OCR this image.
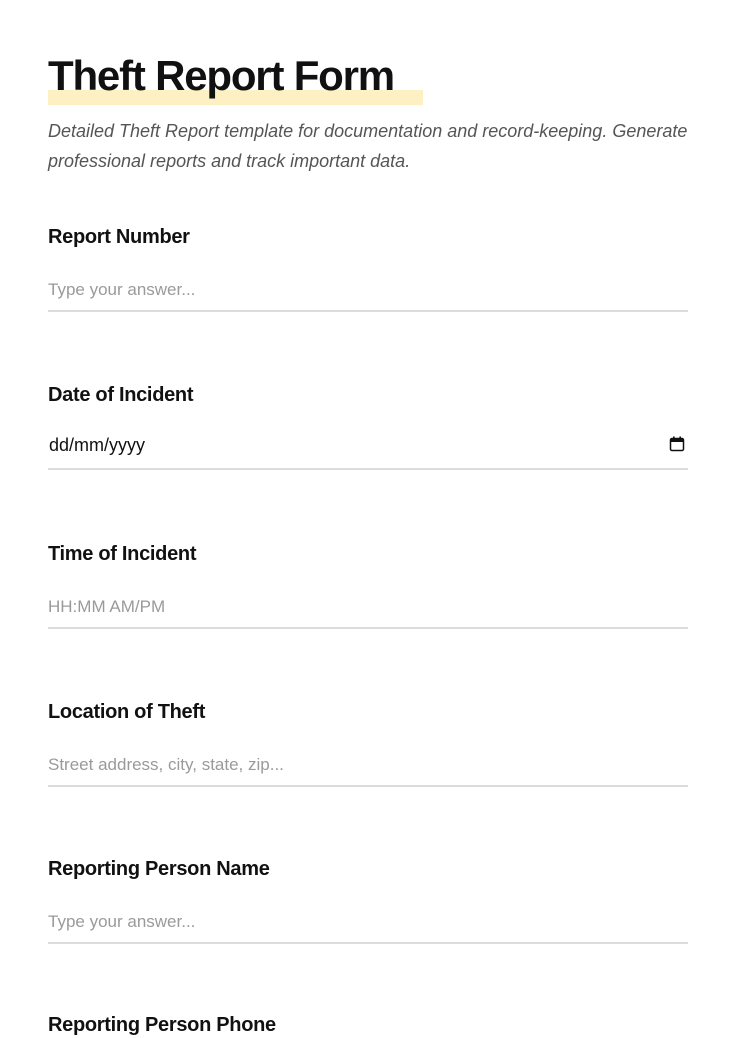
Theft Report Form

Detailed Theft Report template for documentation and record-keeping. Generate professional reports and track important data.

Report Number
Type your answer...
Date of Incident
dd/mm/yyyy
Time of Incident
HH:MM AM/PM
Location of Theft
Street address, city, state, zip...
Reporting Person Name
Type your answer...
Reporting Person Phone
